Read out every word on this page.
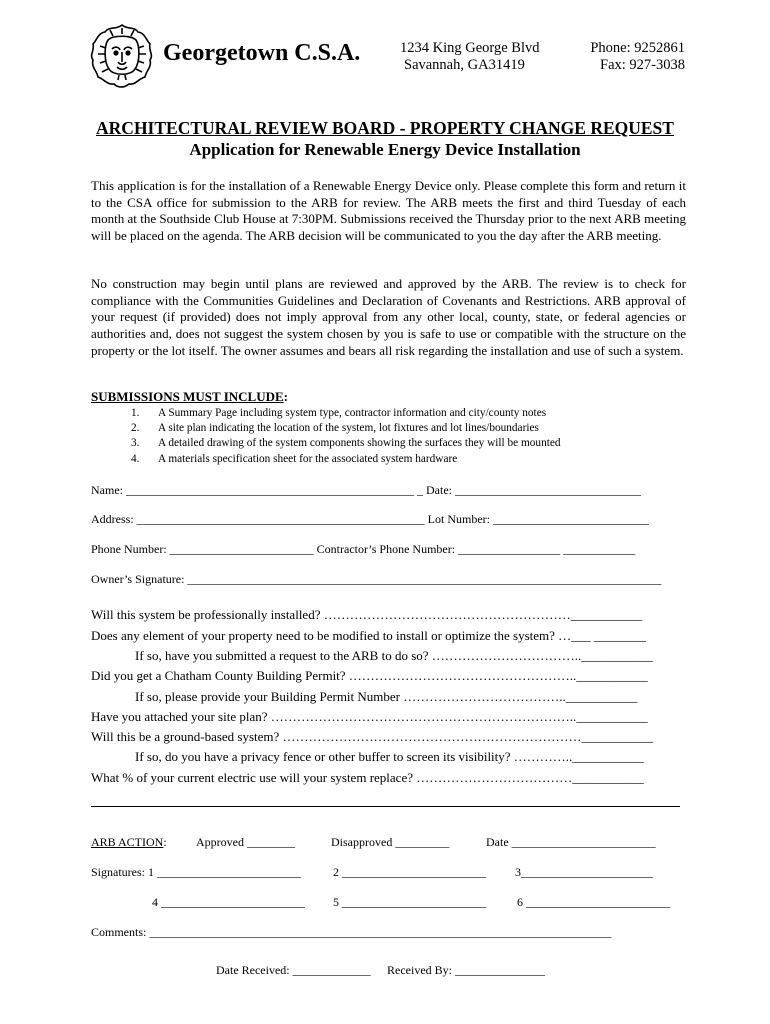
Georgetown C.S.A.	1234 King George Blvd
Savannah, GA31419
Phone: 9252861
Fax: 927-3038
ARCHITECTURAL REVIEW BOARD - PROPERTY CHANGE REQUEST
Application for Renewable Energy Device Installation
This application is for the installation of a Renewable Energy Device only. Please complete this form and return it to the CSA office for submission to the ARB for review. The ARB meets the first and third Tuesday of each month at the Southside Club House at 7:30PM. Submissions received the Thursday prior to the next ARB meeting will be placed on the agenda. The ARB decision will be communicated to you the day after the ARB meeting.
No construction may begin until plans are reviewed and approved by the ARB. The review is to check for compliance with the Communities Guidelines and Declaration of Covenants and Restrictions. ARB approval of your request (if provided) does not imply approval from any other local, county, state, or federal agencies or authorities and, does not suggest the system chosen by you is safe to use or compatible with the structure on the property or the lot itself. The owner assumes and bears all risk regarding the installation and use of such a system.
SUBMISSIONS MUST INCLUDE:
1. A Summary Page including system type, contractor information and city/county notes
2. A site plan indicating the location of the system, lot fixtures and lot lines/boundaries
3. A detailed drawing of the system components showing the surfaces they will be mounted
4. A materials specification sheet for the associated system hardware
Name: ________________________________________________ _ Date: _______________________________
Address: ________________________________________________ Lot Number: __________________________
Phone Number: ________________________ Contractor’s Phone Number: _________________ ____________
Owner’s Signature: _______________________________________________________________________________
Will this system be professionally installed? …………………………………………………___________
Does any element of your property need to be modified to install or optimize the system? …___ ________
If so, have you submitted a request to the ARB to do so? ……………………………..___________
Did you get a Chatham County Building Permit? ……………………………………………..___________
If so, please provide your Building Permit Number ………………………………..___________
Have you attached your site plan? ……………………………………………………………..___________
Will this be a ground-based system? ……………………………………………………………___________
If so, do you have a privacy fence or other buffer to screen its visibility? …………..___________
What % of your current electric use will your system replace? ………………………………___________
ARB ACTION: Approved ________	Disapproved _________	Date ________________________
Signatures: 1 ________________________	2 ________________________ 3______________________
4 ________________________ 5 ________________________	6 ________________________
Comments: _____________________________________________________________________________
Date Received: _____________ Received By: _______________
